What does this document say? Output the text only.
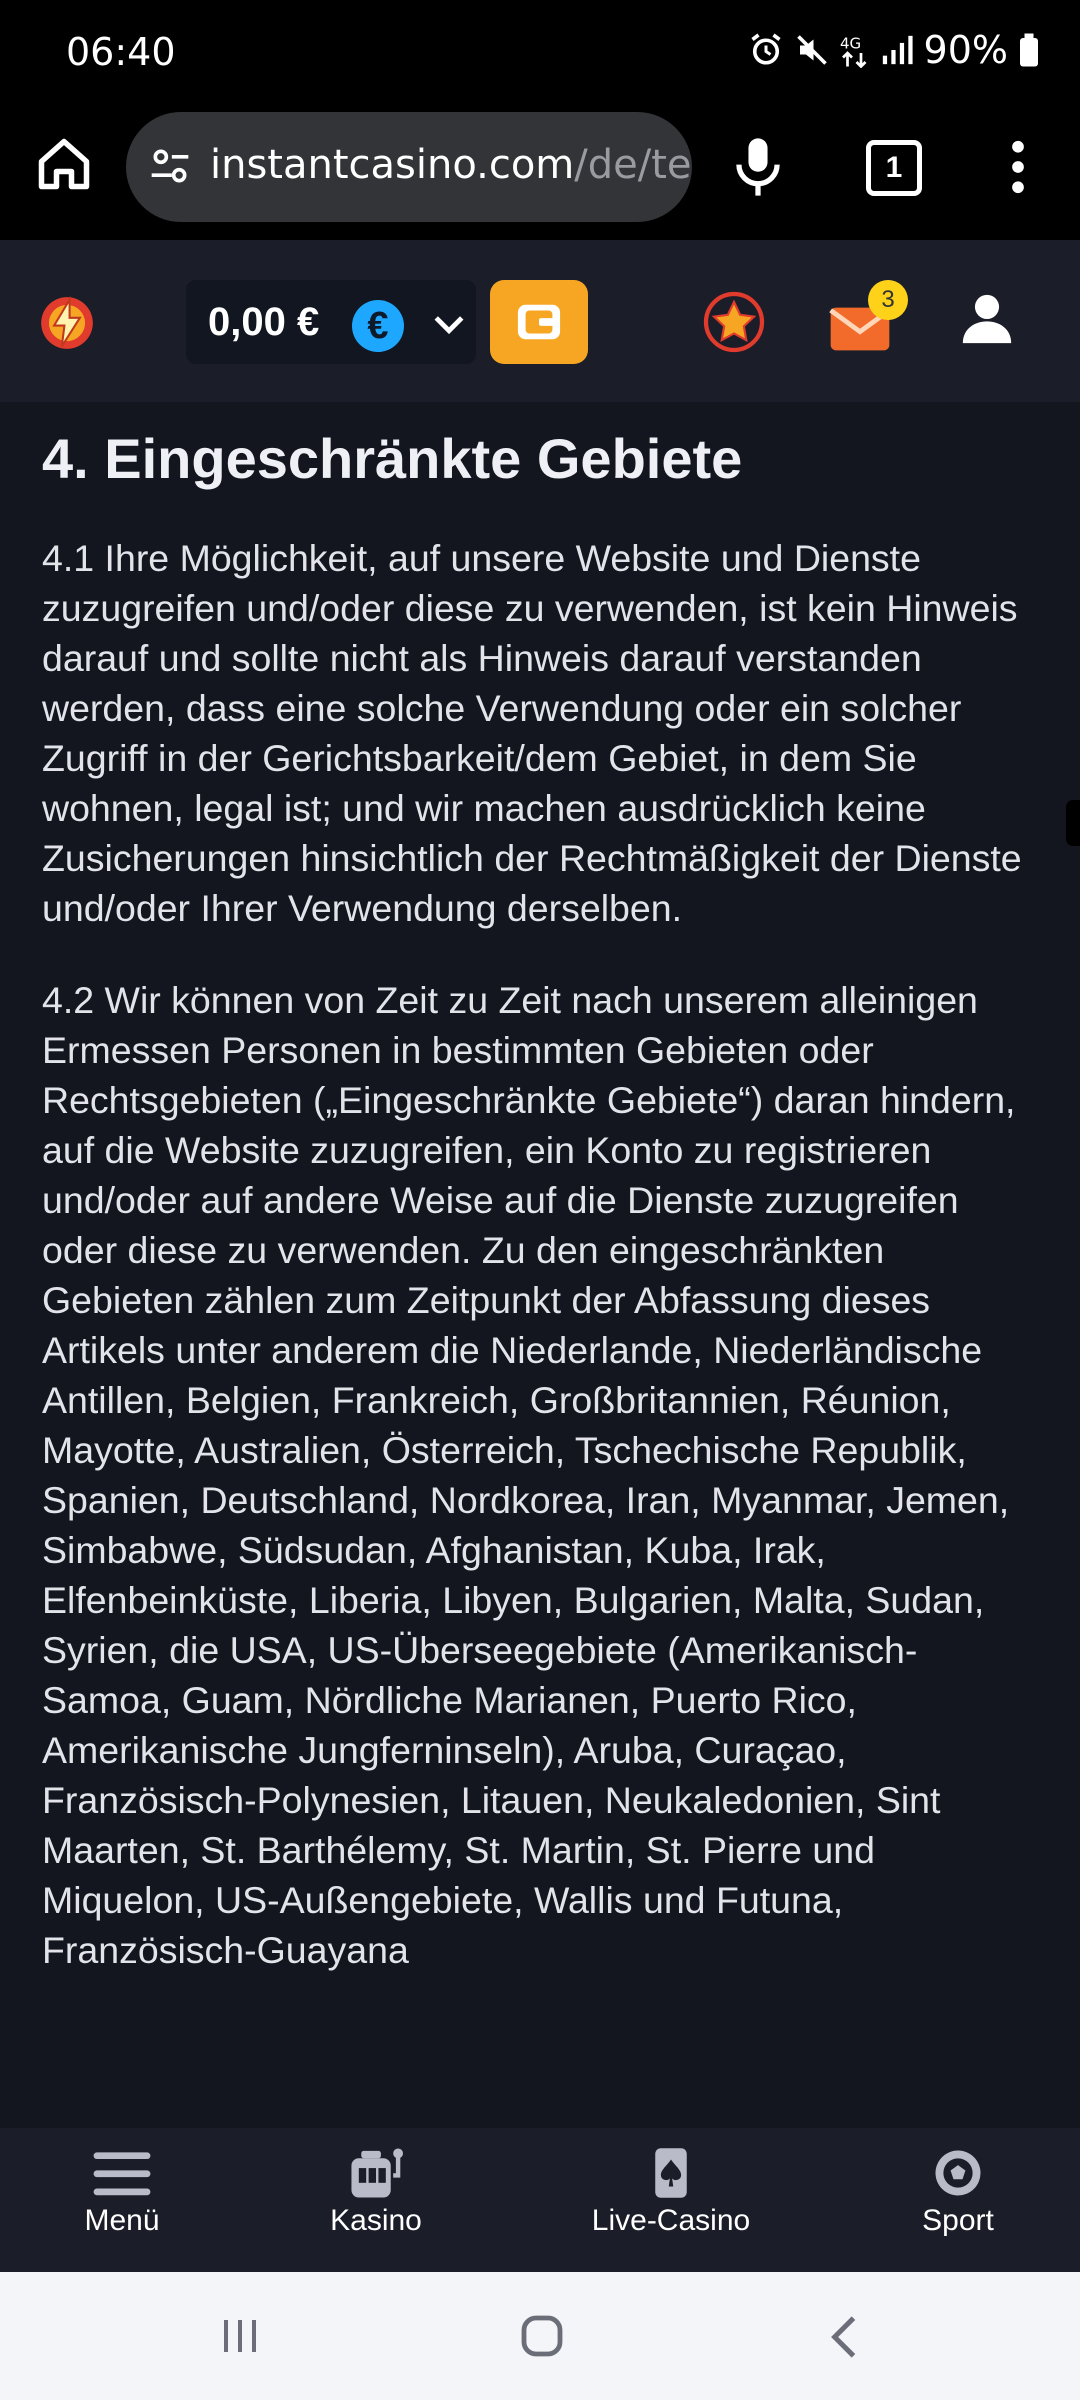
06:40	4G 90%
instantcasino.com/de/te	1
0,00 €	€
3
4. Eingeschränkte Gebiete

4.1 Ihre Möglichkeit, auf unsere Website und Dienste zuzugreifen und/oder diese zu verwenden, ist kein Hinweis darauf und sollte nicht als Hinweis darauf verstanden werden, dass eine solche Verwendung oder ein solcher Zugriff in der Gerichtsbarkeit/dem Gebiet, in dem Sie wohnen, legal ist; und wir machen ausdrücklich keine Zusicherungen hinsichtlich der Rechtmäßigkeit der Dienste und/oder Ihrer Verwendung derselben.

4.2 Wir können von Zeit zu Zeit nach unserem alleinigen Ermessen Personen in bestimmten Gebieten oder Rechtsgebieten („Eingeschränkte Gebiete“) daran hindern, auf die Website zuzugreifen, ein Konto zu registrieren und/oder auf andere Weise auf die Dienste zuzugreifen oder diese zu verwenden. Zu den eingeschränkten Gebieten zählen zum Zeitpunkt der Abfassung dieses Artikels unter anderem die Niederlande, Niederländische Antillen, Belgien, Frankreich, Großbritannien, Réunion, Mayotte, Australien, Österreich, Tschechische Republik, Spanien, Deutschland, Nordkorea, Iran, Myanmar, Jemen, Simbabwe, Südsudan, Afghanistan, Kuba, Irak, Elfenbeinküste, Liberia, Libyen, Bulgarien, Malta, Sudan, Syrien, die USA, US-Überseegebiete (Amerikanisch-Samoa, Guam, Nördliche Marianen, Puerto Rico, Amerikanische Jungferninseln), Aruba, Curaçao, Französisch-Polynesien, Litauen, Neukaledonien, Sint Maarten, St. Barthélemy, St. Martin, St. Pierre und Miquelon, US-Außengebiete, Wallis und Futuna, Französisch-Guayana

Menü	Kasino	Live-Casino	Sport
